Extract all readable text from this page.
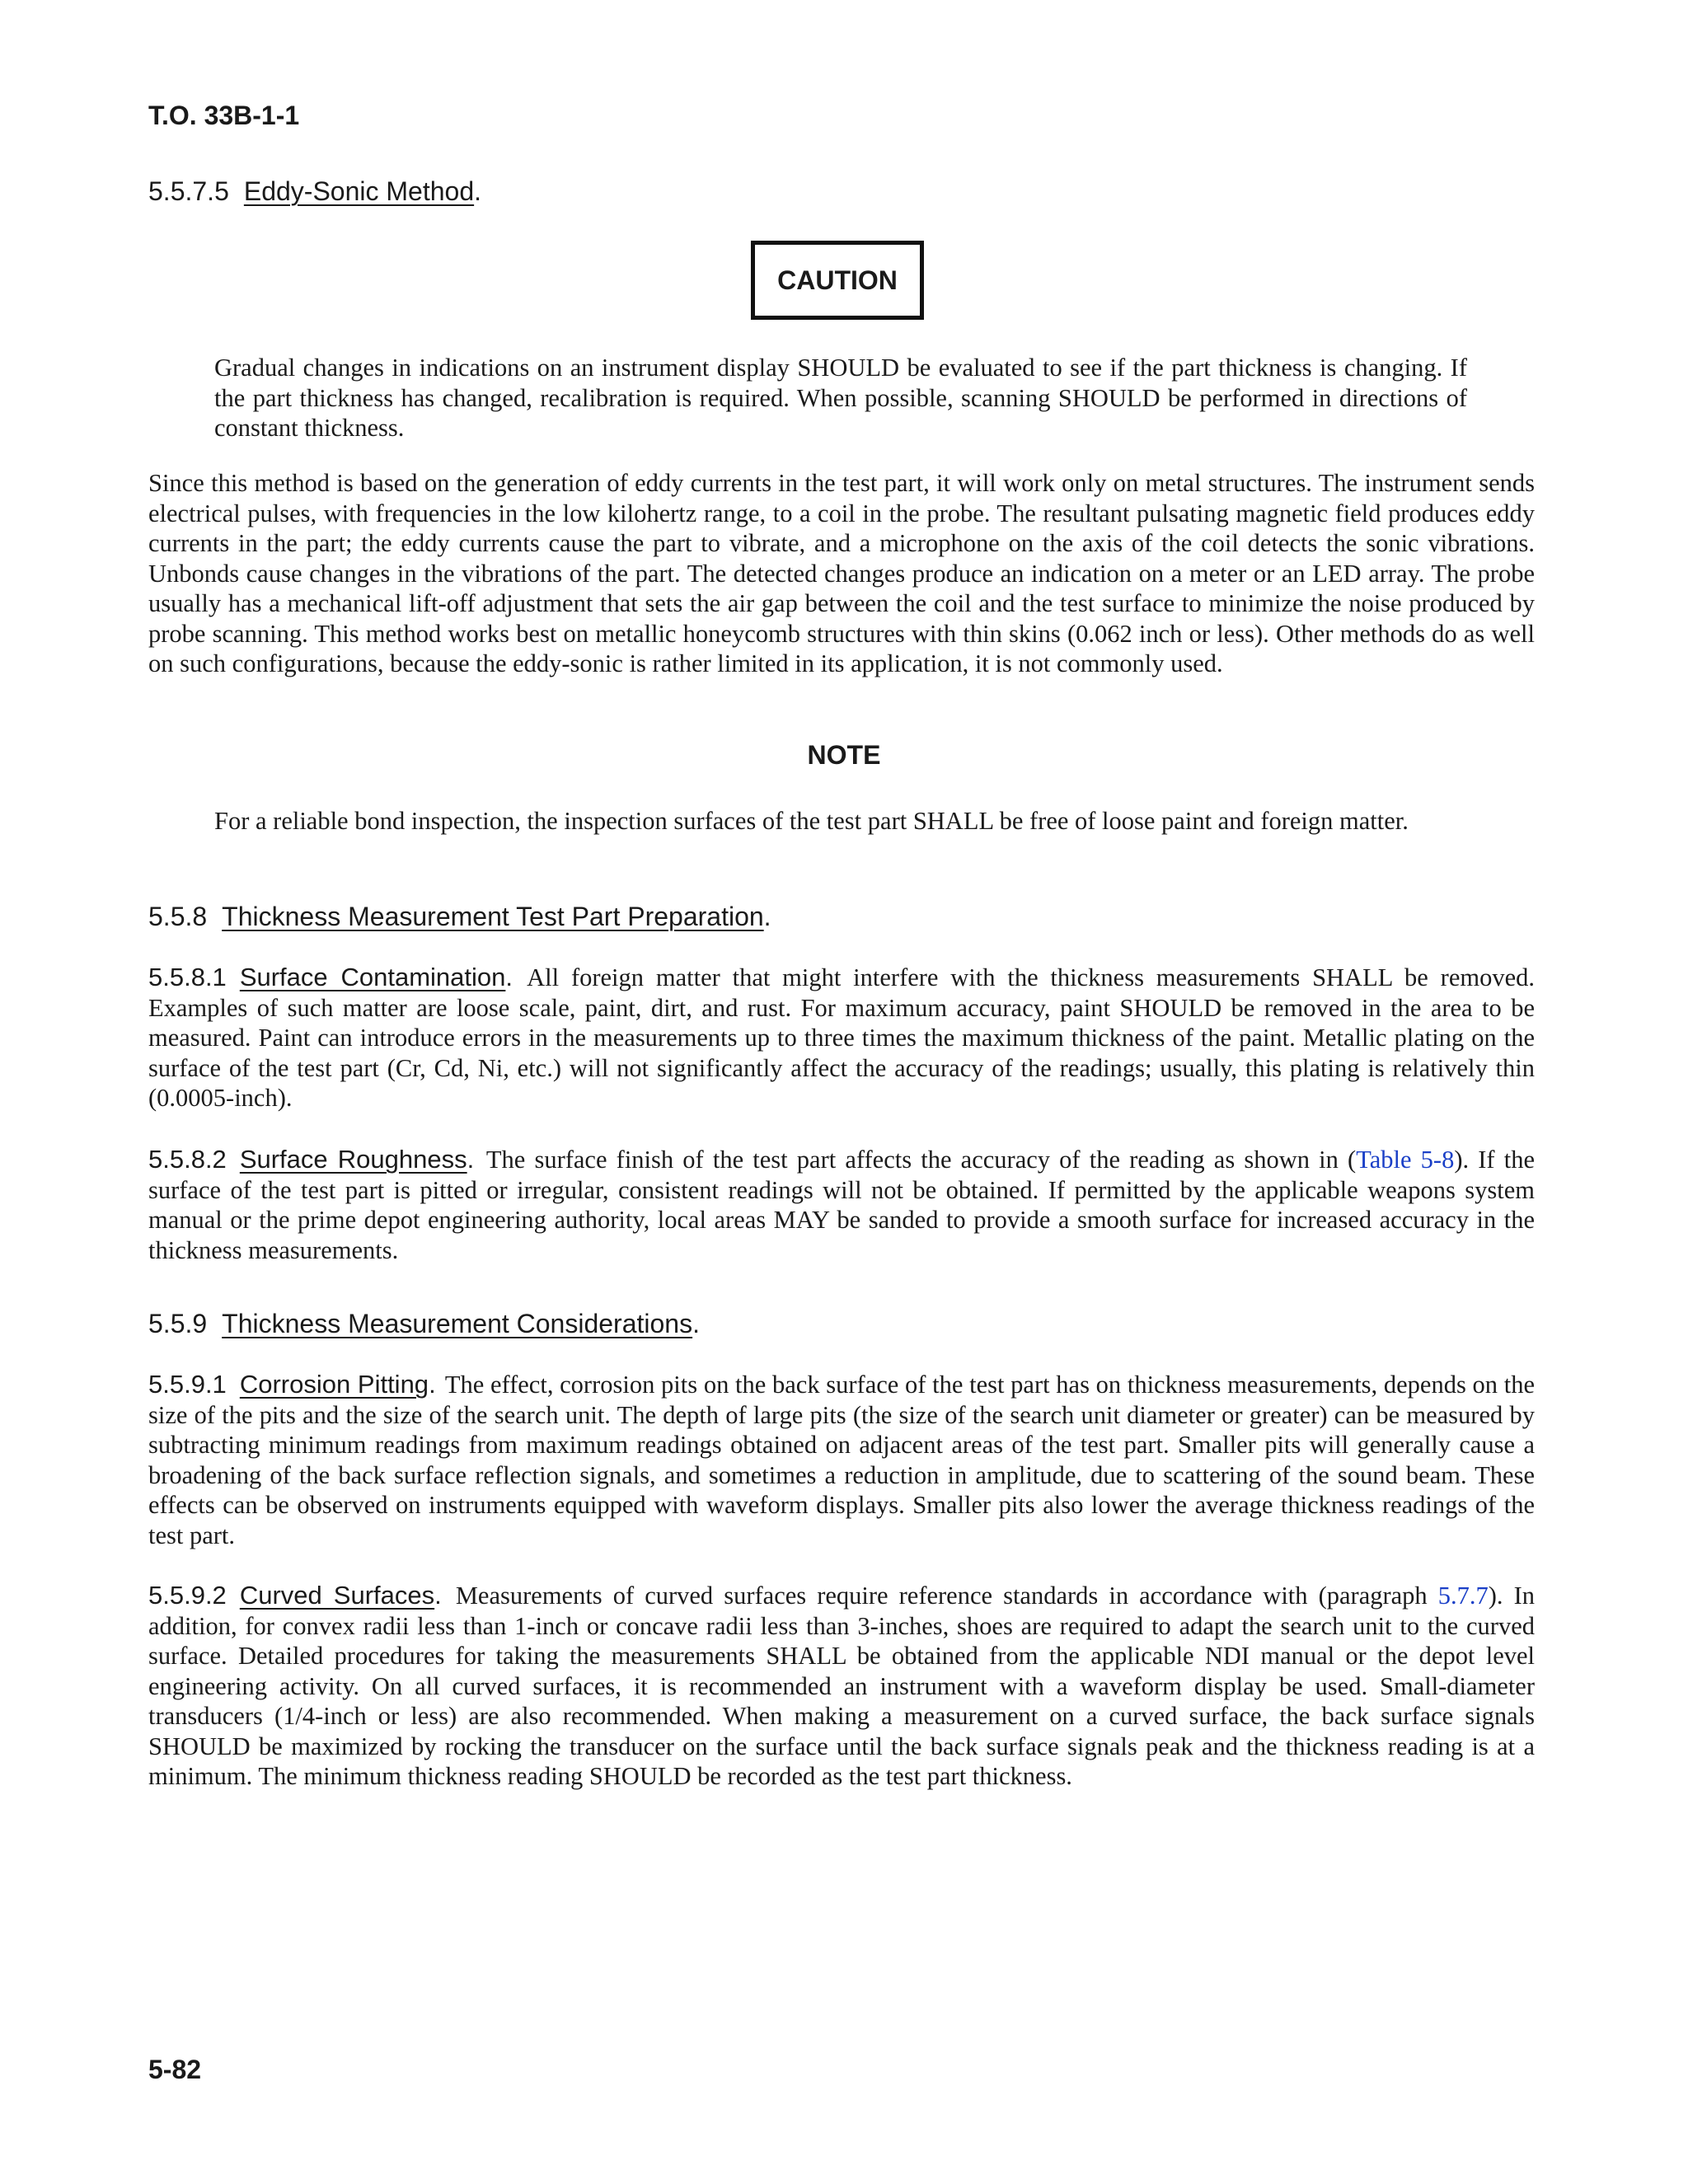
T.O. 33B-1-1
5.5.7.5 Eddy-Sonic Method.
CAUTION

Gradual changes in indications on an instrument display SHOULD be evaluated to see if the part thickness is changing. If the part thickness has changed, recalibration is required. When possible, scanning SHOULD be performed in directions of constant thickness.

Since this method is based on the generation of eddy currents in the test part, it will work only on metal structures. The instrument sends electrical pulses, with frequencies in the low kilohertz range, to a coil in the probe. The resultant pulsating magnetic field produces eddy currents in the part; the eddy currents cause the part to vibrate, and a microphone on the axis of the coil detects the sonic vibrations. Unbonds cause changes in the vibrations of the part. The detected changes produce an indication on a meter or an LED array. The probe usually has a mechanical lift-off adjustment that sets the air gap between the coil and the test surface to minimize the noise produced by probe scanning. This method works best on metallic honeycomb structures with thin skins (0.062 inch or less). Other methods do as well on such configurations, because the eddy-sonic is rather limited in its application, it is not commonly used.

NOTE

For a reliable bond inspection, the inspection surfaces of the test part SHALL be free of loose paint and foreign matter.

5.5.8 Thickness Measurement Test Part Preparation.

5.5.8.1 Surface Contamination. All foreign matter that might interfere with the thickness measurements SHALL be removed. Examples of such matter are loose scale, paint, dirt, and rust. For maximum accuracy, paint SHOULD be removed in the area to be measured. Paint can introduce errors in the measurements up to three times the maximum thickness of the paint. Metallic plating on the surface of the test part (Cr, Cd, Ni, etc.) will not significantly affect the accuracy of the readings; usually, this plating is relatively thin (0.0005-inch).

5.5.8.2 Surface Roughness. The surface finish of the test part affects the accuracy of the reading as shown in (Table 5-8). If the surface of the test part is pitted or irregular, consistent readings will not be obtained. If permitted by the applicable weapons system manual or the prime depot engineering authority, local areas MAY be sanded to provide a smooth surface for increased accuracy in the thickness measurements.

5.5.9 Thickness Measurement Considerations.

5.5.9.1 Corrosion Pitting. The effect, corrosion pits on the back surface of the test part has on thickness measurements, depends on the size of the pits and the size of the search unit. The depth of large pits (the size of the search unit diameter or greater) can be measured by subtracting minimum readings from maximum readings obtained on adjacent areas of the test part. Smaller pits will generally cause a broadening of the back surface reflection signals, and sometimes a reduction in amplitude, due to scattering of the sound beam. These effects can be observed on instruments equipped with waveform displays. Smaller pits also lower the average thickness readings of the test part.

5.5.9.2 Curved Surfaces. Measurements of curved surfaces require reference standards in accordance with (paragraph 5.7.7). In addition, for convex radii less than 1-inch or concave radii less than 3-inches, shoes are required to adapt the search unit to the curved surface. Detailed procedures for taking the measurements SHALL be obtained from the applicable NDI manual or the depot level engineering activity. On all curved surfaces, it is recommended an instrument with a waveform display be used. Small-diameter transducers (1/4-inch or less) are also recommended. When making a measurement on a curved surface, the back surface signals SHOULD be maximized by rocking the transducer on the surface until the back surface signals peak and the thickness reading is at a minimum. The minimum thickness reading SHOULD be recorded as the test part thickness.

5-82
